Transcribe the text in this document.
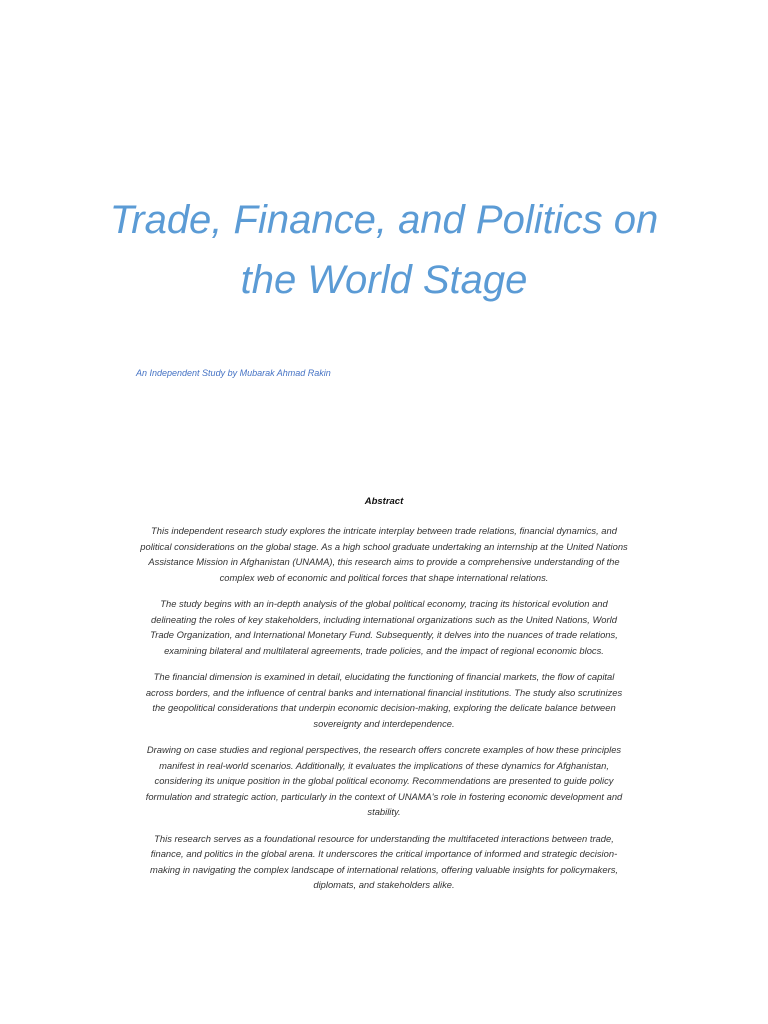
Trade, Finance, and Politics on
the World Stage

An Independent Study by Mubarak Ahmad Rakin

Abstract

This independent research study explores the intricate interplay between trade relations, financial dynamics, and political considerations on the global stage. As a high school graduate undertaking an internship at the United Nations Assistance Mission in Afghanistan (UNAMA), this research aims to provide a comprehensive understanding of the complex web of economic and political forces that shape international relations.

The study begins with an in-depth analysis of the global political economy, tracing its historical evolution and delineating the roles of key stakeholders, including international organizations such as the United Nations, World Trade Organization, and International Monetary Fund. Subsequently, it delves into the nuances of trade relations, examining bilateral and multilateral agreements, trade policies, and the impact of regional economic blocs.

The financial dimension is examined in detail, elucidating the functioning of financial markets, the flow of capital across borders, and the influence of central banks and international financial institutions. The study also scrutinizes the geopolitical considerations that underpin economic decision-making, exploring the delicate balance between sovereignty and interdependence.

Drawing on case studies and regional perspectives, the research offers concrete examples of how these principles manifest in real-world scenarios. Additionally, it evaluates the implications of these dynamics for Afghanistan, considering its unique position in the global political economy. Recommendations are presented to guide policy formulation and strategic action, particularly in the context of UNAMA's role in fostering economic development and stability.

This research serves as a foundational resource for understanding the multifaceted interactions between trade, finance, and politics in the global arena. It underscores the critical importance of informed and strategic decision-making in navigating the complex landscape of international relations, offering valuable insights for policymakers, diplomats, and stakeholders alike.
